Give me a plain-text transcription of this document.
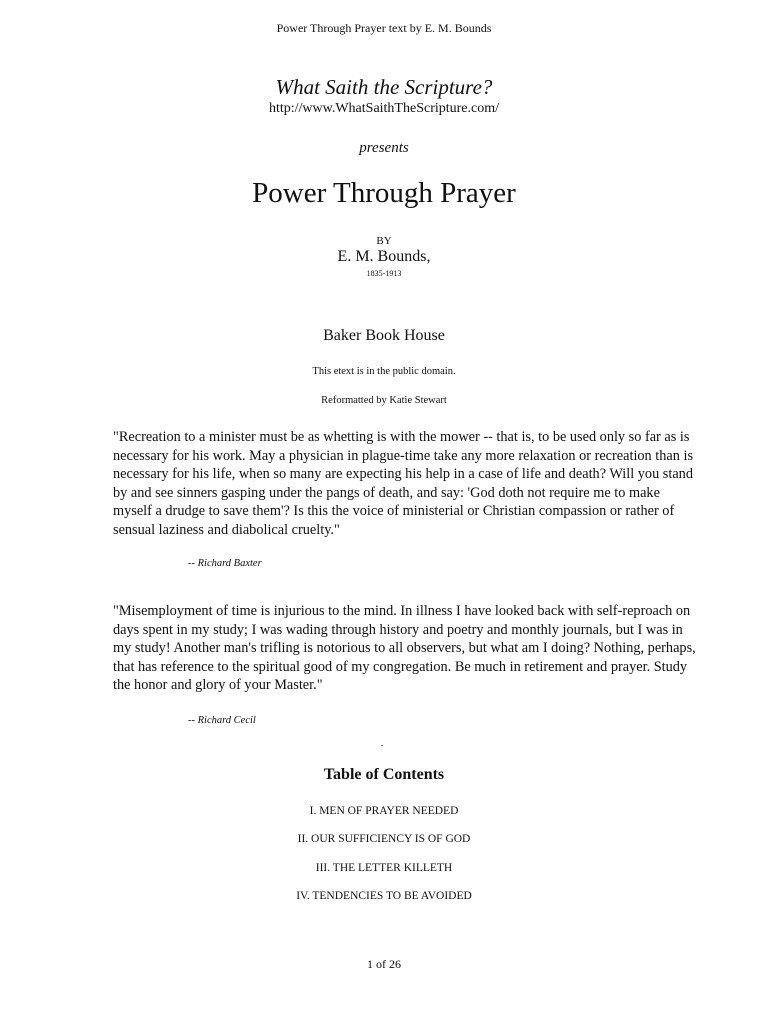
Power Through Prayer text by E. M. Bounds
What Saith the Scripture?
http://www.WhatSaithTheScripture.com/
presents
Power Through Prayer
BY
E. M. Bounds,
1835-1913
Baker Book House
This etext is in the public domain.
Reformatted by Katie Stewart

"Recreation to a minister must be as whetting is with the mower -- that is, to be used only so far as is necessary for his work. May a physician in plague-time take any more relaxation or recreation than is necessary for his life, when so many are expecting his help in a case of life and death? Will you stand by and see sinners gasping under the pangs of death, and say: 'God doth not require me to make myself a drudge to save them'? Is this the voice of ministerial or Christian compassion or rather of sensual laziness and diabolical cruelty."

-- Richard Baxter

"Misemployment of time is injurious to the mind. In illness I have looked back with self-reproach on days spent in my study; I was wading through history and poetry and monthly journals, but I was in my study! Another man's trifling is notorious to all observers, but what am I doing? Nothing, perhaps, that has reference to the spiritual good of my congregation. Be much in retirement and prayer. Study the honor and glory of your Master."

-- Richard Cecil
Table of Contents
I. MEN OF PRAYER NEEDED
II. OUR SUFFICIENCY IS OF GOD
III. THE LETTER KILLETH
IV. TENDENCIES TO BE AVOIDED
1 of 26
